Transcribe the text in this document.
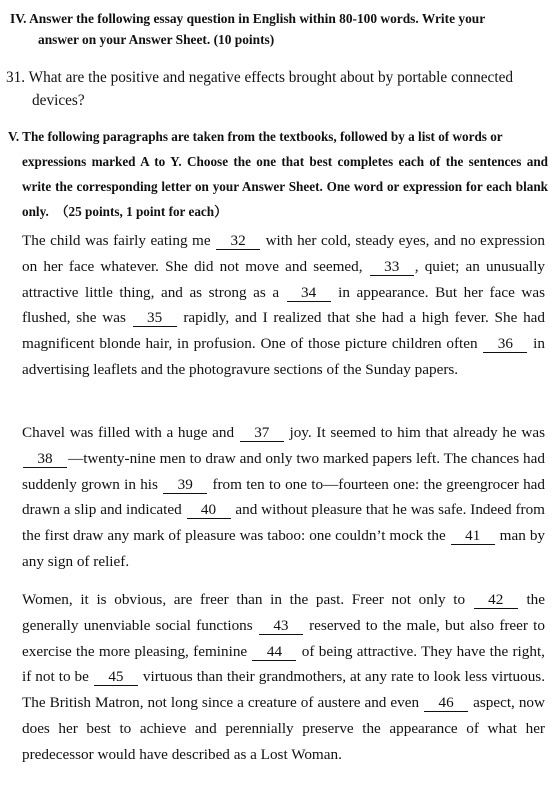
IV. Answer the following essay question in English within 80-100 words. Write your
answer on your Answer Sheet. (10 points)
31. What are the positive and negative effects brought about by portable connected
devices?
V. The following paragraphs are taken from the textbooks, followed by a list of words or
expressions marked A to Y. Choose the one that best completes each of the sentences and write the corresponding letter on your Answer Sheet. One word or expression for each blank only.  （25 points, 1 point for each）
The child was fairly eating me 32 with her cold, steady eyes, and no expression on her face whatever. She did not move and seemed, 33 , quiet; an unusually attractive little thing, and as strong as a 34 in appearance. But her face was flushed, she was 35 rapidly, and I realized that she had a high fever. She had magnificent blonde hair, in profusion. One of those picture children often 36 in advertising leaflets and the photogravure sections of the Sunday papers.
Chavel was filled with a huge and 37 joy. It seemed to him that already he was 38 —twenty-nine men to draw and only two marked papers left. The chances had suddenly grown in his 39 from ten to one to—fourteen one: the greengrocer had drawn a slip and indicated 40 and without pleasure that he was safe. Indeed from the first draw any mark of pleasure was taboo: one couldn’t mock the 41 man by any sign of relief.
Women, it is obvious, are freer than in the past. Freer not only to 42 the generally unenviable social functions 43 reserved to the male, but also freer to exercise the more pleasing, feminine 44 of being attractive. They have the right, if not to be 45 virtuous than their grandmothers, at any rate to look less virtuous. The British Matron, not long since a creature of austere and even 46 aspect, now does her best to achieve and perennially preserve the appearance of what her predecessor would have described as a Lost Woman.
